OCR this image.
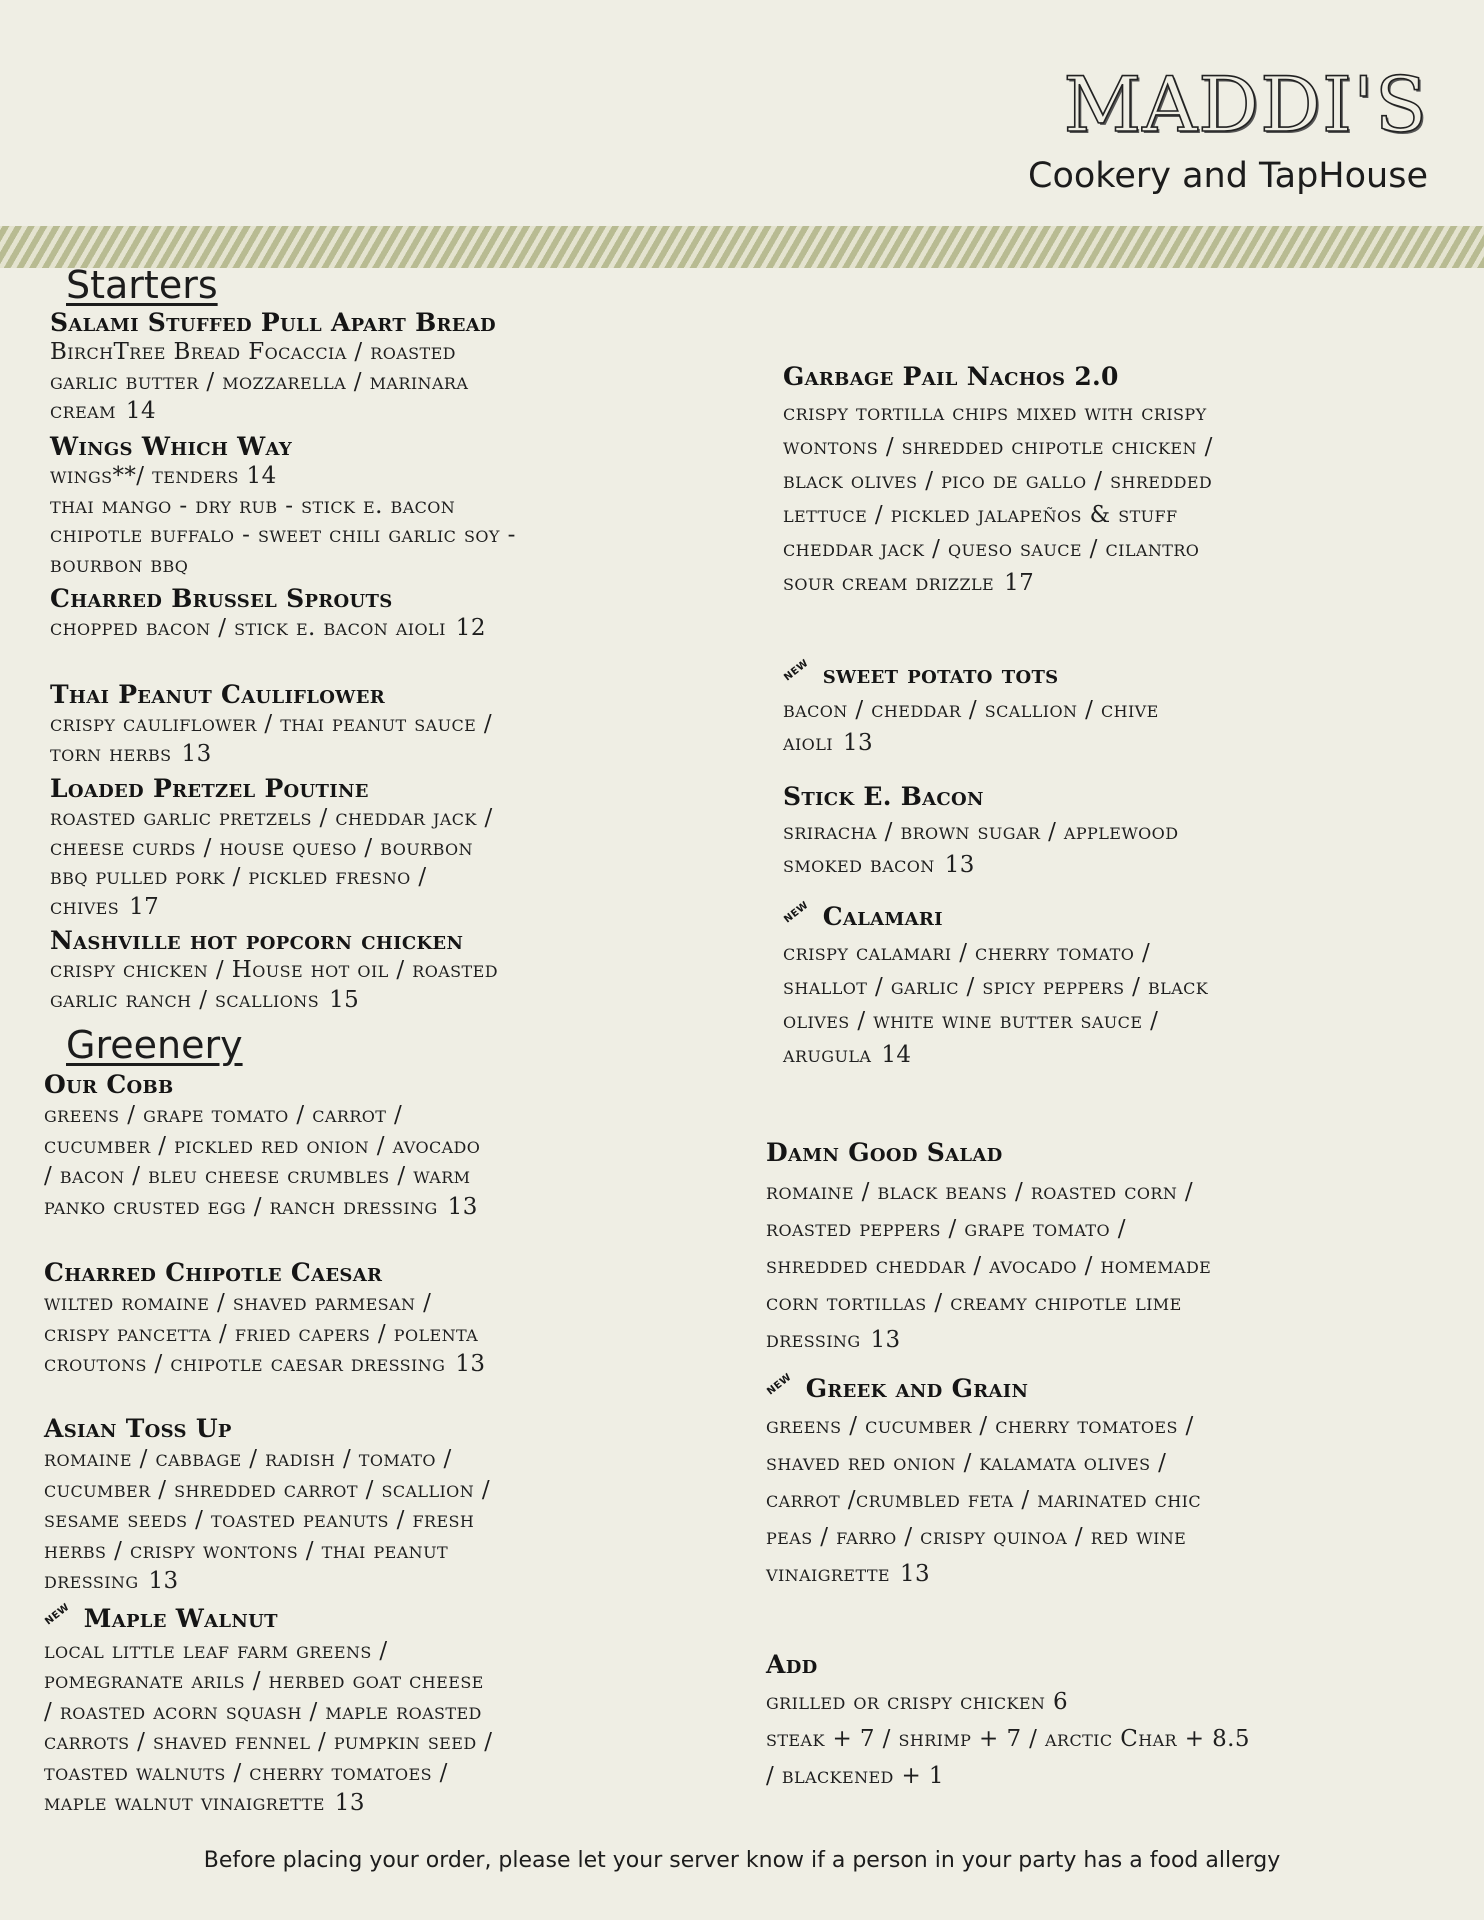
MADDI'S
Cookery and TapHouse
Starters
Greenery
Salami Stuffed Pull Apart Bread
BirchTree Bread Focaccia / roasted
garlic butter / mozzarella / marinara
cream 14
Wings Which Way
wings**/ tenders 14
thai mango - dry rub - stick e. bacon
chipotle buffalo - sweet chili garlic soy -
bourbon bbq
Charred Brussel Sprouts
chopped bacon / stick e. bacon aioli 12
Thai Peanut Cauliflower
crispy cauliflower / thai peanut sauce /
torn herbs 13
Loaded Pretzel Poutine
roasted garlic pretzels / cheddar jack /
cheese curds / house queso / bourbon
bbq pulled pork / pickled fresno /
chives 17
Nashville hot popcorn chicken
crispy chicken / House hot oil / roasted
garlic ranch / scallions 15
Our Cobb
greens / grape tomato / carrot /
cucumber / pickled red onion / avocado
/ bacon / bleu cheese crumbles / warm
panko crusted egg / ranch dressing 13
Charred Chipotle Caesar
wilted romaine / shaved parmesan /
crispy pancetta / fried capers / polenta
croutons / chipotle caesar dressing 13
Asian Toss Up
romaine / cabbage / radish / tomato /
cucumber / shredded carrot / scallion /
sesame seeds / toasted peanuts / fresh
herbs / crispy wontons / thai peanut
dressing 13
NEW Maple Walnut
local little leaf farm greens /
pomegranate arils / herbed goat cheese
/ roasted acorn squash / maple roasted
carrots / shaved fennel / pumpkin seed /
toasted walnuts / cherry tomatoes /
maple walnut vinaigrette 13
Garbage Pail Nachos 2.0
crispy tortilla chips mixed with crispy
wontons / shredded chipotle chicken /
black olives / pico de gallo / shredded
lettuce / pickled jalapeños & stuff
cheddar jack / queso sauce / cilantro
sour cream drizzle 17
NEW sweet potato tots
bacon / cheddar / scallion / chive
aioli 13
Stick E. Bacon
sriracha / brown sugar / applewood
smoked bacon 13
NEW Calamari
crispy calamari / cherry tomato /
shallot / garlic / spicy peppers / black
olives / white wine butter sauce /
arugula 14
Damn Good Salad
romaine / black beans / roasted corn /
roasted peppers / grape tomato /
shredded cheddar / avocado / homemade
corn tortillas / creamy chipotle lime
dressing 13
NEW Greek and Grain
greens / cucumber / cherry tomatoes /
shaved red onion / kalamata olives /
carrot /crumbled feta / marinated chic
peas / farro / crispy quinoa / red wine
vinaigrette 13
Add
grilled or crispy chicken 6
steak + 7 / shrimp + 7 / arctic Char + 8.5
/ blackened + 1
Before placing your order, please let your server know if a person in your party has a food allergy
